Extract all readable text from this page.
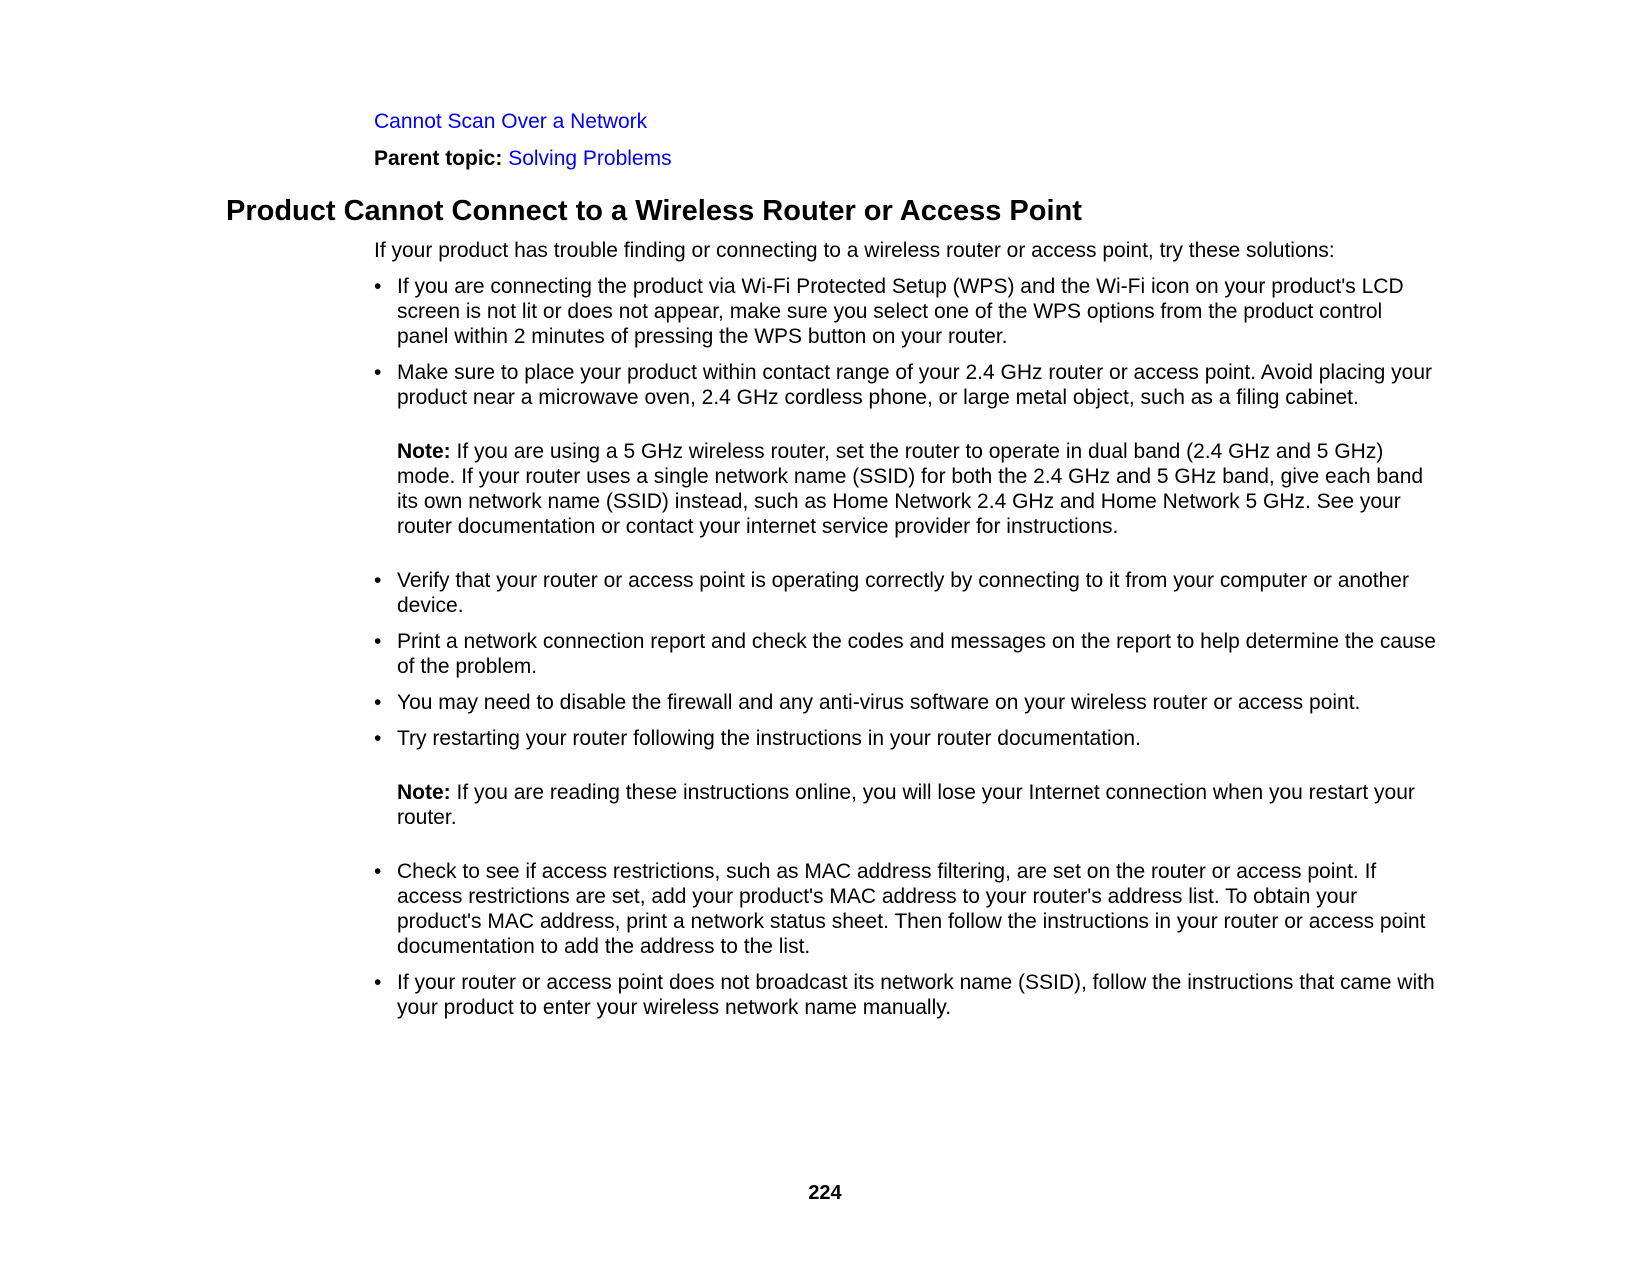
Cannot Scan Over a Network
Parent topic: Solving Problems
Product Cannot Connect to a Wireless Router or Access Point

If your product has trouble finding or connecting to a wireless router or access point, try these solutions:

• If you are connecting the product via Wi-Fi Protected Setup (WPS) and the Wi-Fi icon on your product's LCD screen is not lit or does not appear, make sure you select one of the WPS options from the product control panel within 2 minutes of pressing the WPS button on your router.
• Make sure to place your product within contact range of your 2.4 GHz router or access point. Avoid placing your product near a microwave oven, 2.4 GHz cordless phone, or large metal object, such as a filing cabinet.
Note: If you are using a 5 GHz wireless router, set the router to operate in dual band (2.4 GHz and 5 GHz) mode. If your router uses a single network name (SSID) for both the 2.4 GHz and 5 GHz band, give each band its own network name (SSID) instead, such as Home Network 2.4 GHz and Home Network 5 GHz. See your router documentation or contact your internet service provider for instructions.
• Verify that your router or access point is operating correctly by connecting to it from your computer or another device.
• Print a network connection report and check the codes and messages on the report to help determine the cause of the problem.
• You may need to disable the firewall and any anti-virus software on your wireless router or access point.
• Try restarting your router following the instructions in your router documentation.
Note: If you are reading these instructions online, you will lose your Internet connection when you restart your router.
• Check to see if access restrictions, such as MAC address filtering, are set on the router or access point. If access restrictions are set, add your product's MAC address to your router's address list. To obtain your product's MAC address, print a network status sheet. Then follow the instructions in your router or access point documentation to add the address to the list.
• If your router or access point does not broadcast its network name (SSID), follow the instructions that came with your product to enter your wireless network name manually.
224
